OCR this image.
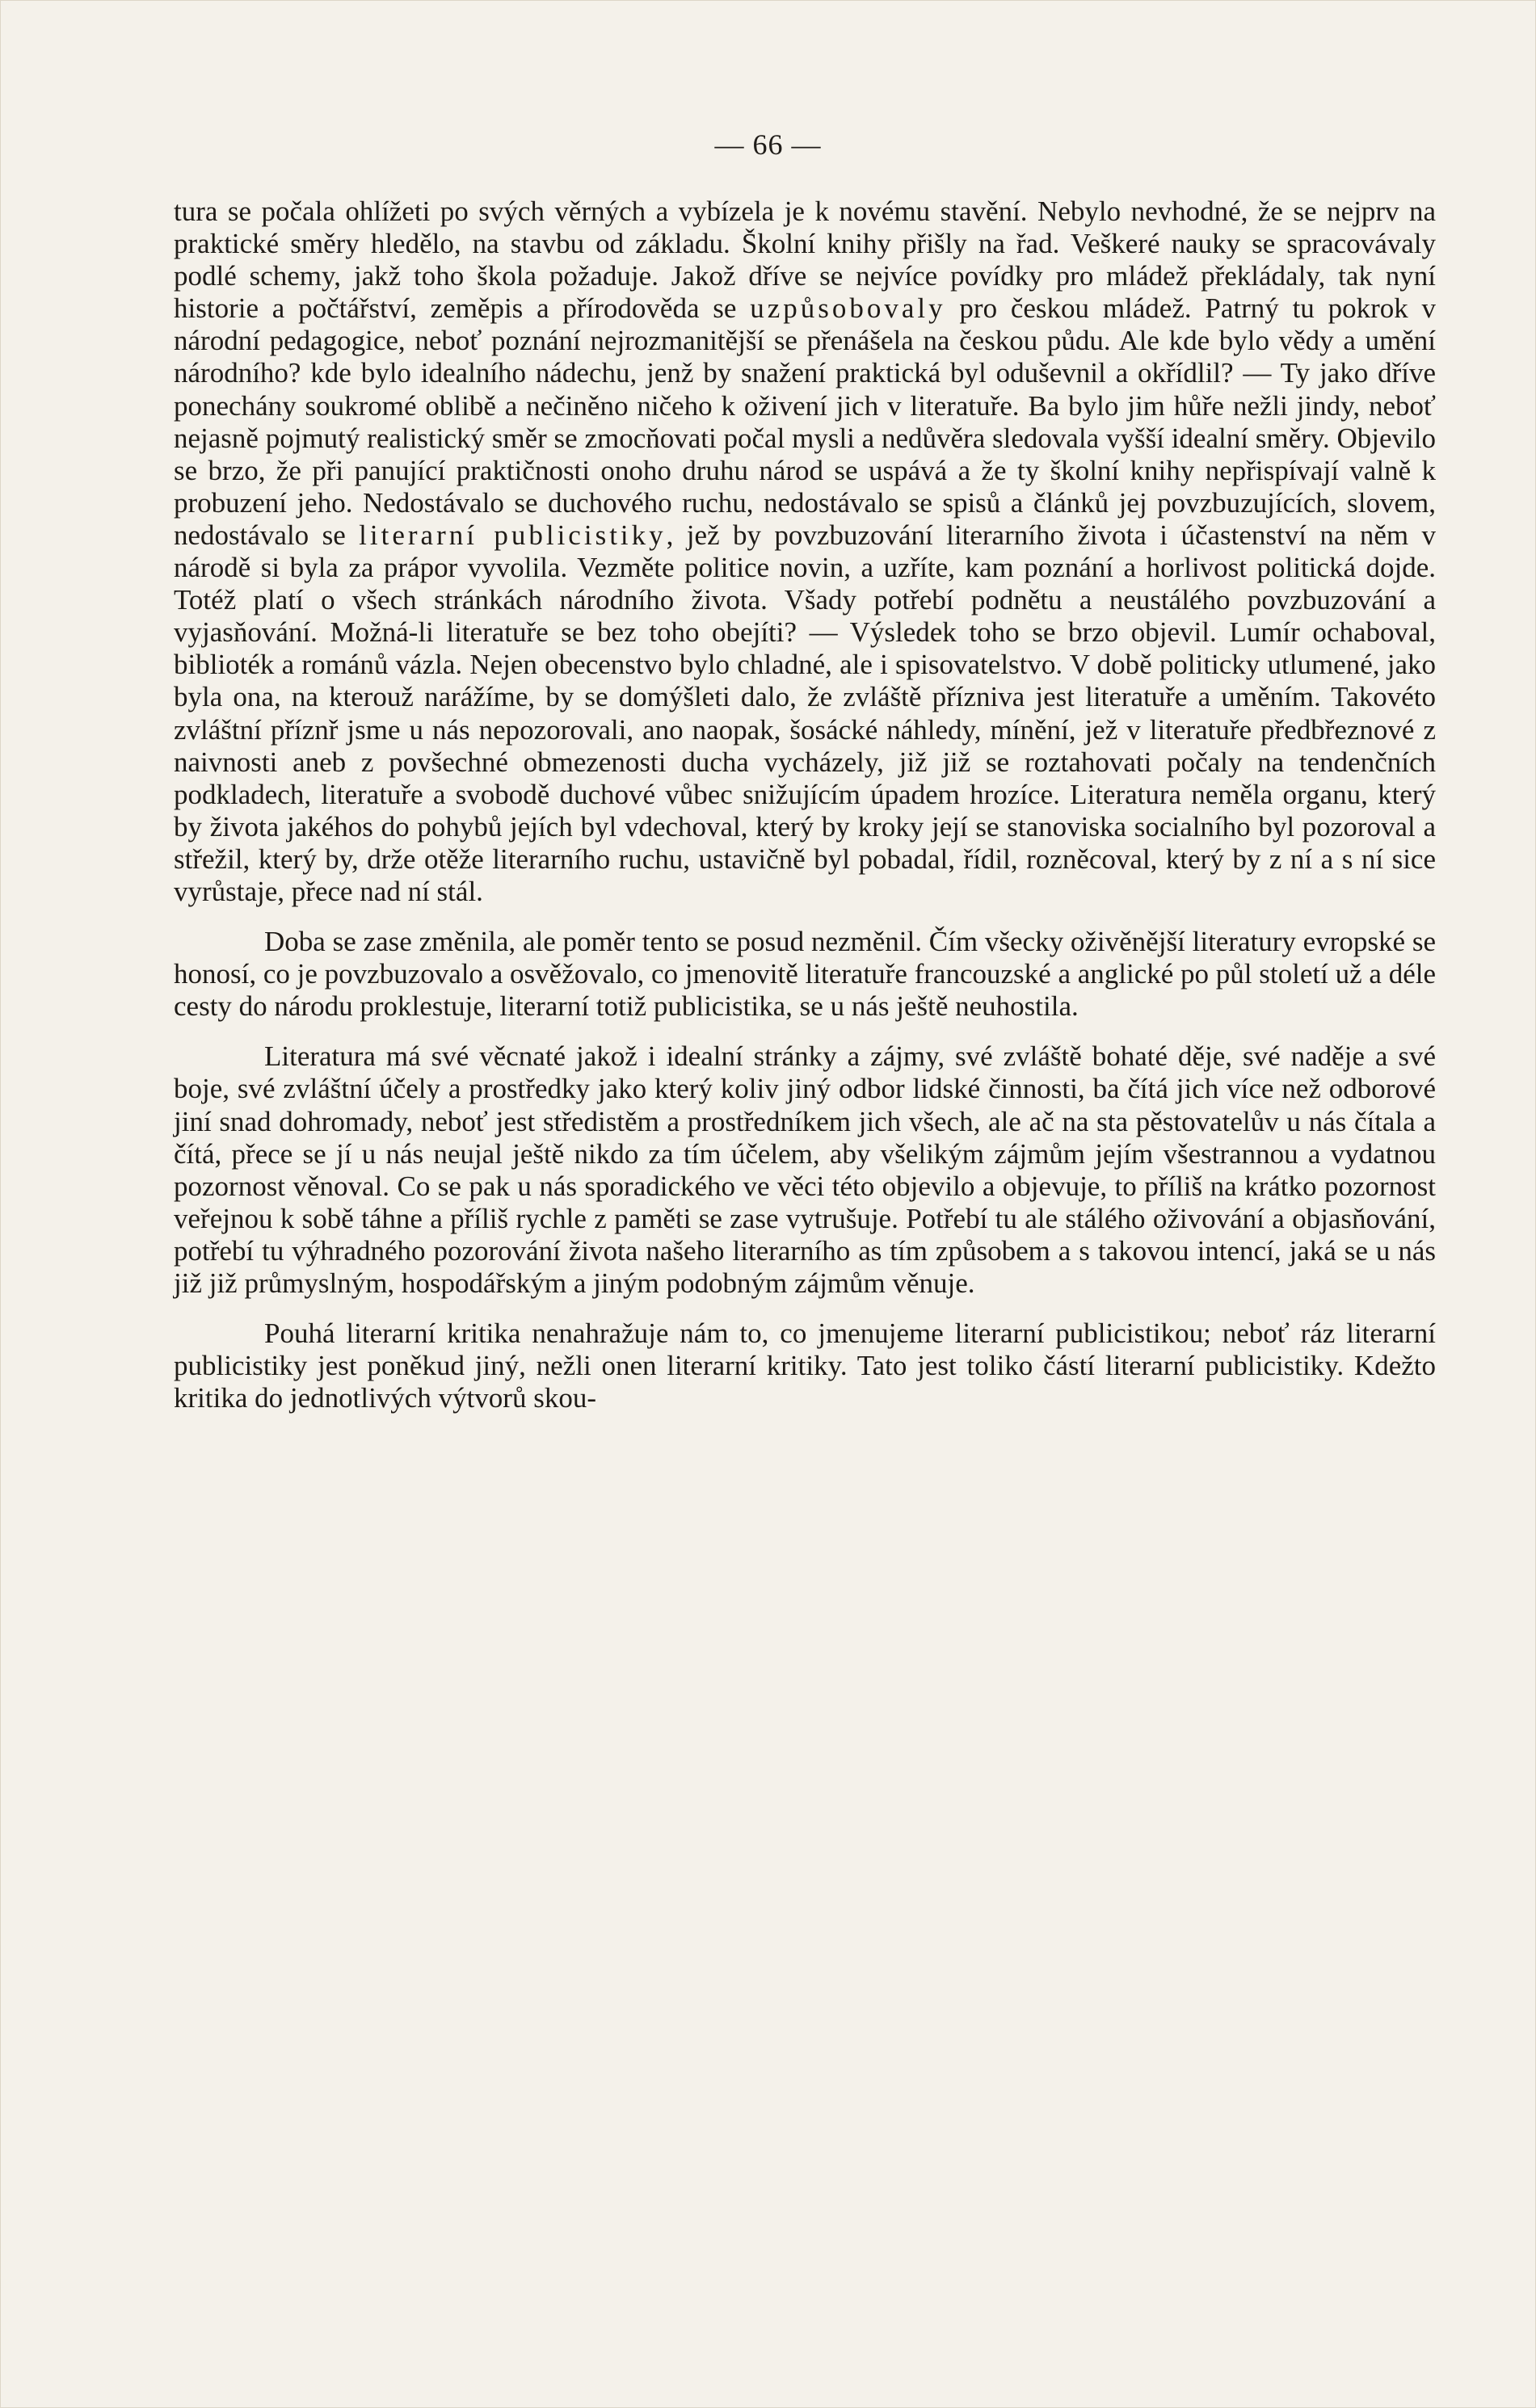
— 66 —

tura se počala ohlížeti po svých věrných a vybízela je k novému stavění. Nebylo nevhodné, že se nejprv na praktické směry hledělo, na stavbu od základu. Školní knihy přišly na řad. Veškeré nauky se spracovávaly podlé schemy, jakž toho škola požaduje. Jakož dříve se nejvíce povídky pro mládež překládaly, tak nyní historie a počtářství, zeměpis a přírodověda se uzpůsobovaly pro českou mládež. Patrný tu pokrok v národní pedagogice, neboť poznání nejrozmanitější se přenášela na českou půdu. Ale kde bylo vědy a umění národního? kde bylo idealního nádechu, jenž by snažení praktická byl oduševnil a okřídlil? — Ty jako dříve ponechány soukromé oblibě a nečiněno ničeho k oživení jich v literatuře. Ba bylo jim hůře nežli jindy, neboť nejasně pojmutý realistický směr se zmocňovati počal mysli a nedůvěra sledovala vyšší idealní směry. Objevilo se brzo, že při panující praktičnosti onoho druhu národ se uspává a že ty školní knihy nepřispívají valně k probuzení jeho. Nedostávalo se duchového ruchu, nedostávalo se spisů a článků jej povzbuzujících, slovem, nedostávalo se literarní publicistiky, jež by povzbuzování literarního života i účastenství na něm v národě si byla za prápor vyvolila. Vezměte politice novin, a uzříte, kam poznání a horlivost politická dojde. Totéž platí o všech stránkách národního života. Všady potřebí podnětu a neustálého povzbuzování a vyjasňování. Možná-li literatuře se bez toho obejíti? — Výsledek toho se brzo objevil. Lumír ochaboval, biblioték a románů vázla. Nejen obecenstvo bylo chladné, ale i spisovatelstvo. V době politicky utlumené, jako byla ona, na kterouž narážíme, by se domýšleti dalo, že zvláště přízniva jest literatuře a uměním. Takovéto zvláštní příznř jsme u nás nepozorovali, ano naopak, šosácké náhledy, mínění, jež v literatuře předbřeznové z naivnosti aneb z povšechné obmezenosti ducha vycházely, již již se roztahovati počaly na tendenčních podkladech, literatuře a svobodě duchové vůbec snižujícím úpadem hrozíce. Literatura neměla organu, který by života jakéhos do pohybů jejích byl vdechoval, který by kroky její se stanoviska socialního byl pozoroval a střežil, který by, drže otěže literarního ruchu, ustavičně byl pobadal, řídil, rozněcoval, který by z ní a s ní sice vyrůstaje, přece nad ní stál.

Doba se zase změnila, ale poměr tento se posud nezměnil. Čím všecky oživěnější literatury evropské se honosí, co je povzbuzovalo a osvěžovalo, co jmenovitě literatuře francouzské a anglické po půl století už a déle cesty do národu proklestuje, literarní totiž publicistika, se u nás ještě neuhostila.

Literatura má své věcnaté jakož i idealní stránky a zájmy, své zvláště bohaté děje, své naděje a své boje, své zvláštní účely a prostředky jako který koliv jiný odbor lidské činnosti, ba čítá jich více než odborové jiní snad dohromady, neboť jest středistěm a prostředníkem jich všech, ale ač na sta pěstovatelův u nás čítala a čítá, přece se jí u nás neujal ještě nikdo za tím účelem, aby všelikým zájmům jejím všestrannou a vydatnou pozornost věnoval. Co se pak u nás sporadického ve věci této objevilo a objevuje, to příliš na krátko pozornost veřejnou k sobě táhne a příliš rychle z paměti se zase vytrušuje. Potřebí tu ale stálého oživování a objasňování, potřebí tu výhradného pozorování života našeho literarního as tím způsobem a s takovou intencí, jaká se u nás již již průmyslným, hospodářským a jiným podobným zájmům věnuje.

Pouhá literarní kritika nenahražuje nám to, co jmenujeme literarní publicistikou; neboť ráz literarní publicistiky jest poněkud jiný, nežli onen literarní kritiky. Tato jest toliko částí literarní publicistiky. Kdežto kritika do jednotlivých výtvorů skou-
